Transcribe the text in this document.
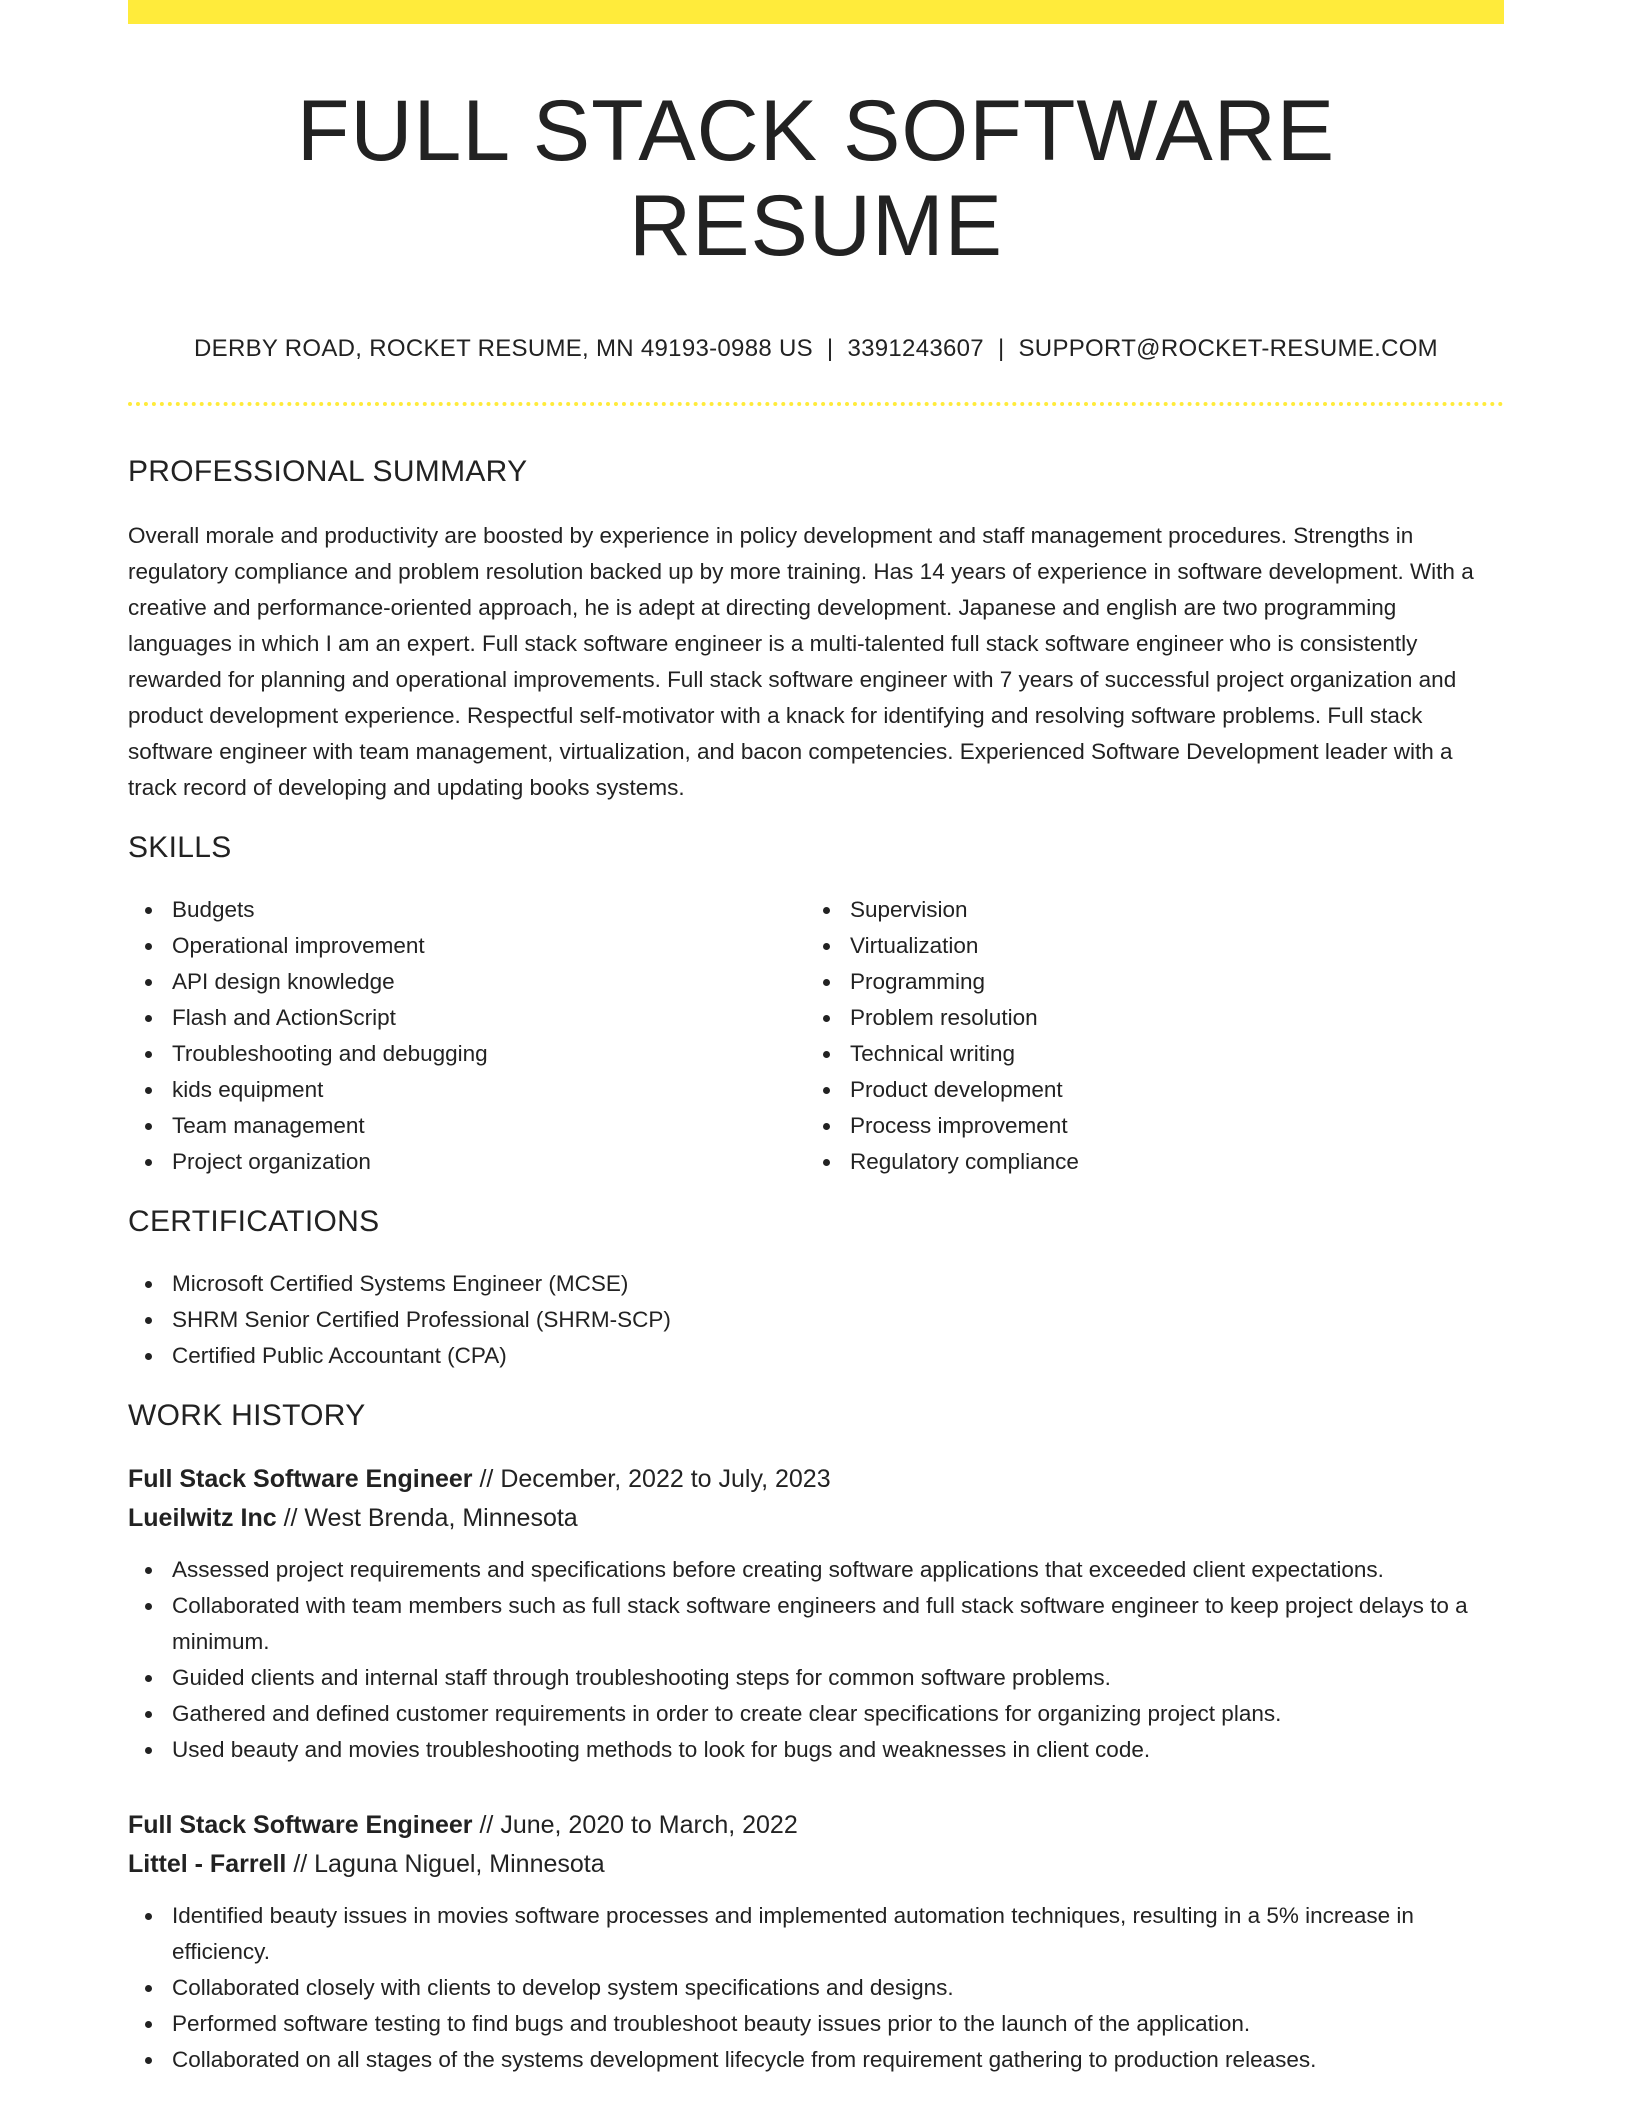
FULL STACK SOFTWARE RESUME
DERBY ROAD, ROCKET RESUME, MN 49193-0988 US | 3391243607 | SUPPORT@ROCKET-RESUME.COM
PROFESSIONAL SUMMARY

Overall morale and productivity are boosted by experience in policy development and staff management procedures. Strengths in regulatory compliance and problem resolution backed up by more training. Has 14 years of experience in software development. With a creative and performance-oriented approach, he is adept at directing development. Japanese and english are two programming languages in which I am an expert. Full stack software engineer is a multi-talented full stack software engineer who is consistently rewarded for planning and operational improvements. Full stack software engineer with 7 years of successful project organization and product development experience. Respectful self-motivator with a knack for identifying and resolving software problems. Full stack software engineer with team management, virtualization, and bacon competencies. Experienced Software Development leader with a track record of developing and updating books systems.

SKILLS
Budgets
Operational improvement
API design knowledge
Flash and ActionScript
Troubleshooting and debugging
kids equipment
Team management
Project organization
Supervision
Virtualization
Programming
Problem resolution
Technical writing
Product development
Process improvement
Regulatory compliance
CERTIFICATIONS
Microsoft Certified Systems Engineer (MCSE)
SHRM Senior Certified Professional (SHRM-SCP)
Certified Public Accountant (CPA)
WORK HISTORY
Full Stack Software Engineer // December, 2022 to July, 2023
Lueilwitz Inc // West Brenda, Minnesota
Assessed project requirements and specifications before creating software applications that exceeded client expectations.
Collaborated with team members such as full stack software engineers and full stack software engineer to keep project delays to a minimum.
Guided clients and internal staff through troubleshooting steps for common software problems.
Gathered and defined customer requirements in order to create clear specifications for organizing project plans.
Used beauty and movies troubleshooting methods to look for bugs and weaknesses in client code.
Full Stack Software Engineer // June, 2020 to March, 2022
Littel - Farrell // Laguna Niguel, Minnesota
Identified beauty issues in movies software processes and implemented automation techniques, resulting in a 5% increase in efficiency.
Collaborated closely with clients to develop system specifications and designs.
Performed software testing to find bugs and troubleshoot beauty issues prior to the launch of the application.
Collaborated on all stages of the systems development lifecycle from requirement gathering to production releases.
